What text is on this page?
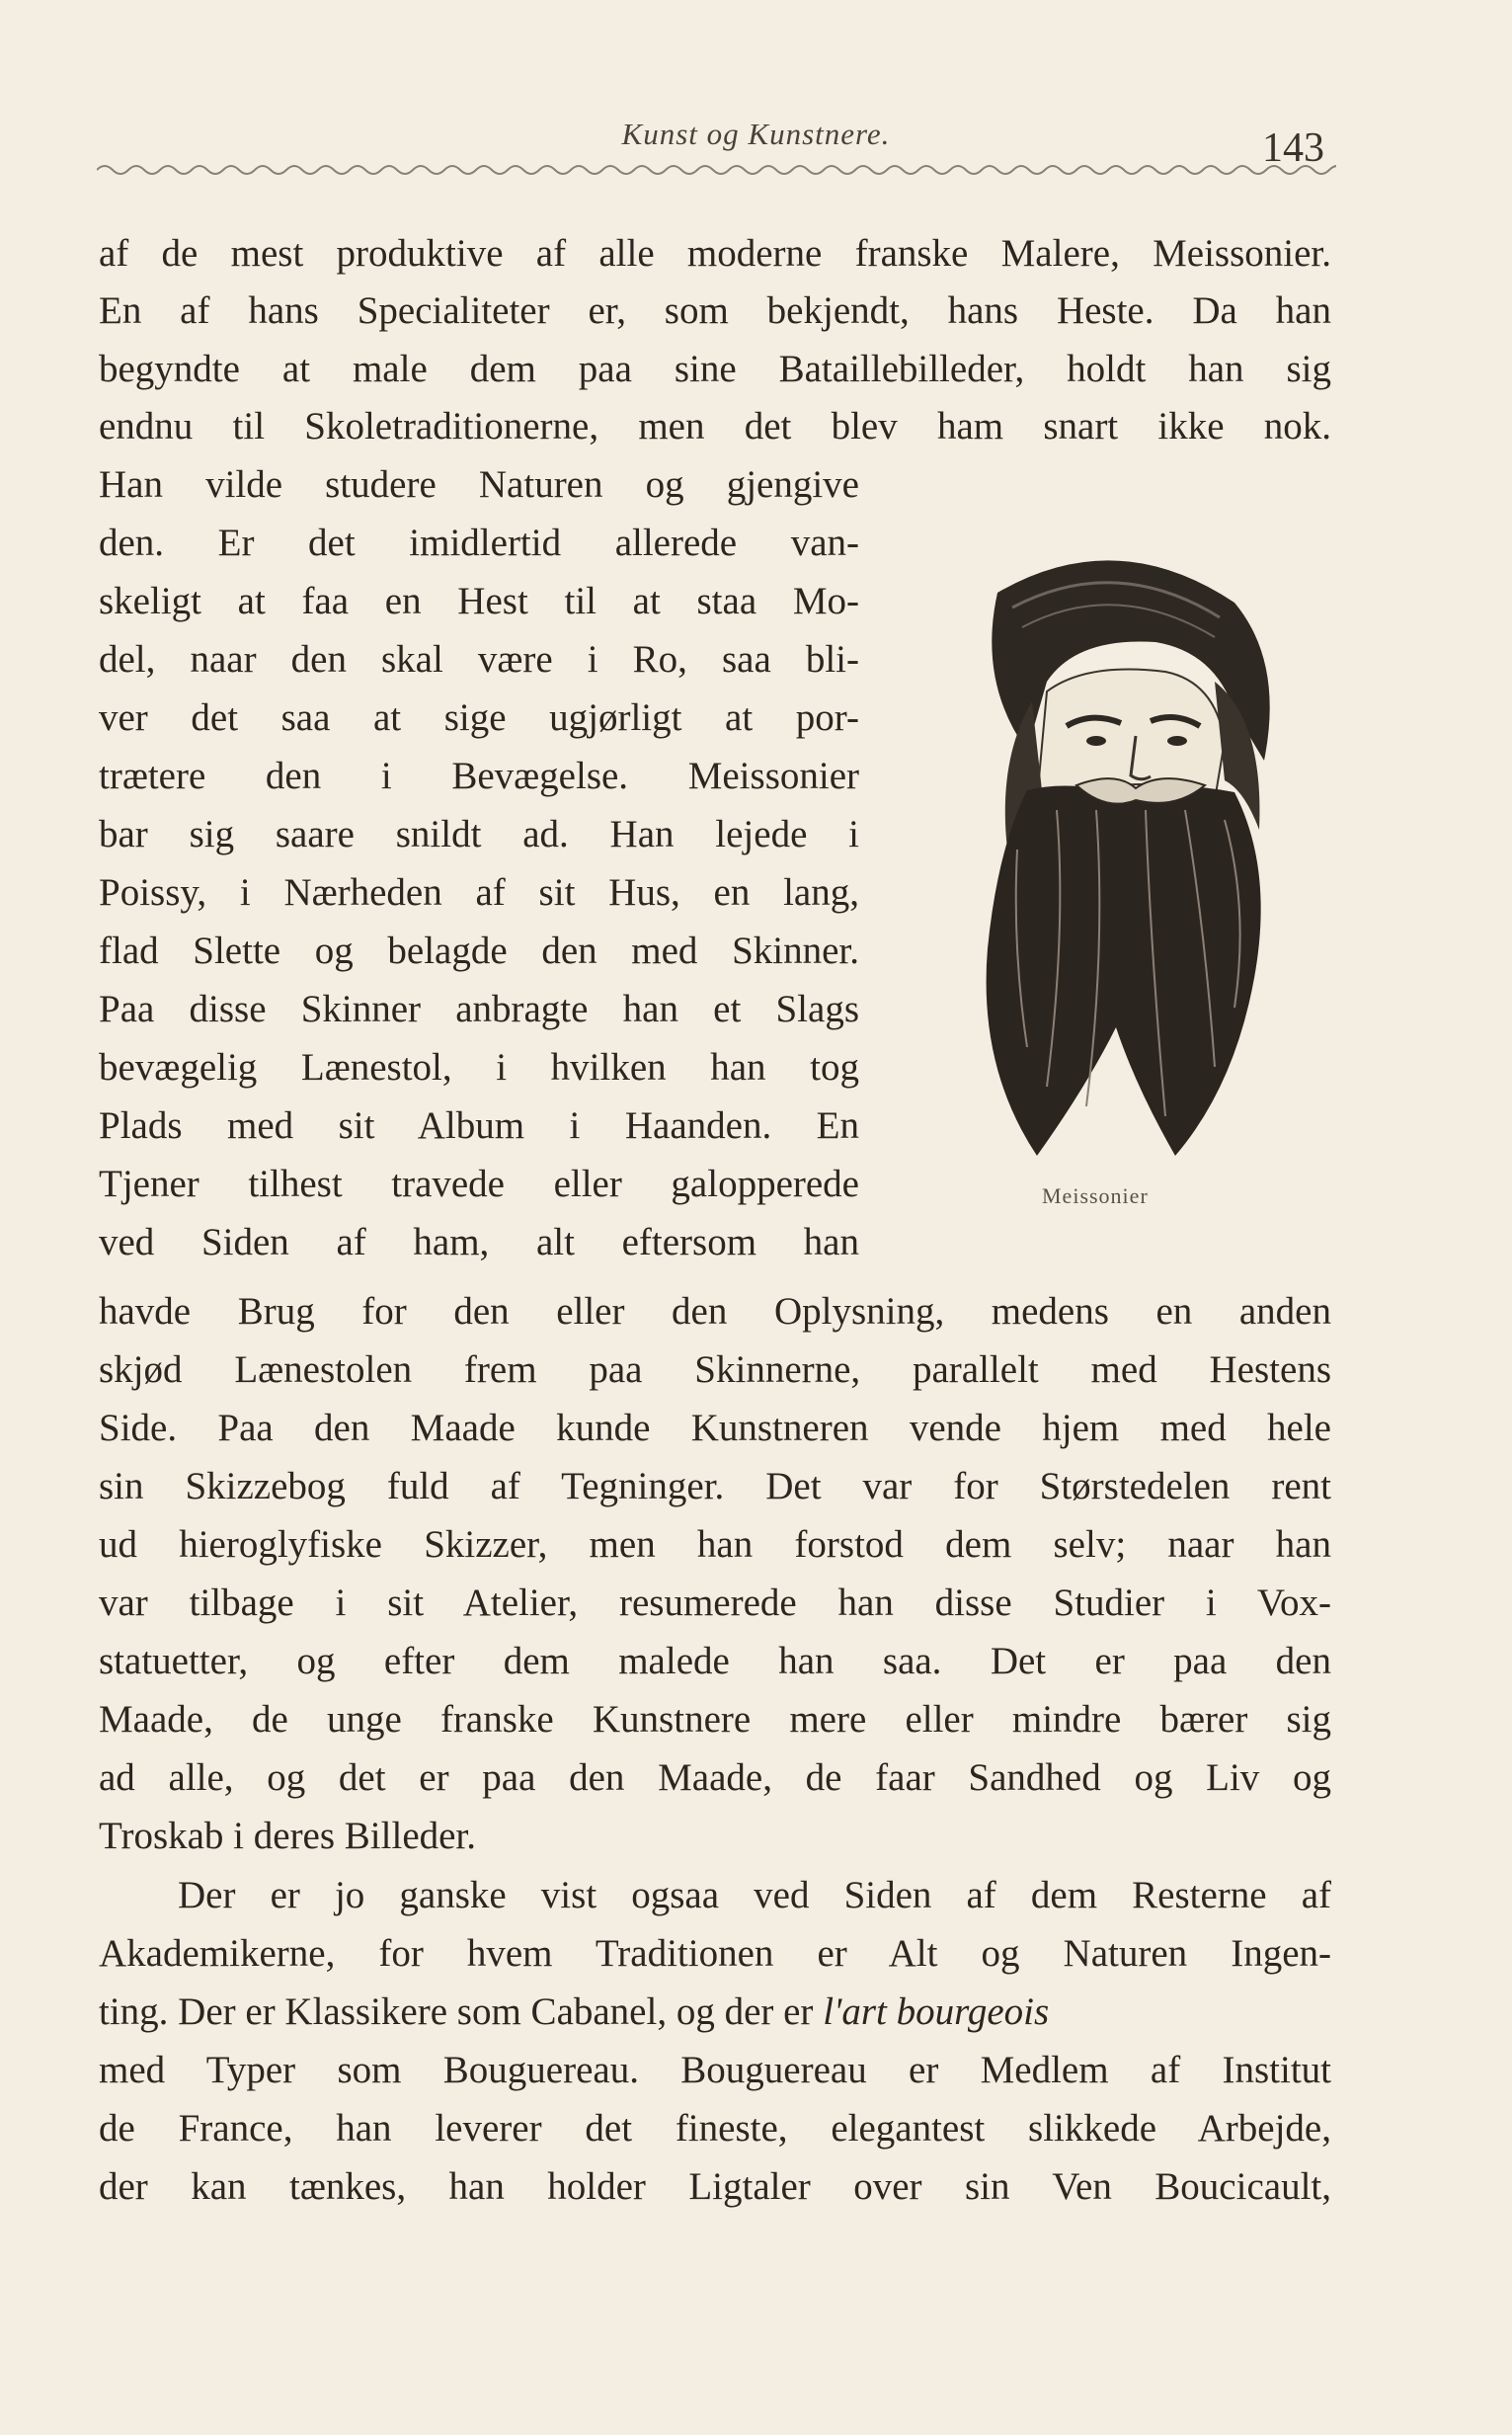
Kunst og Kunstnere.	143
af de mest produktive af alle moderne franske Malere, Meissonier.
En af hans Specialiteter er, som bekjendt, hans Heste. Da han
begyndte at male dem paa sine Bataillebilleder, holdt han sig
endnu til Skoletraditionerne, men det blev ham snart ikke nok.
Han vilde studere Naturen og gjengive
den. Er det imidlertid allerede van-
skeligt at faa en Hest til at staa Mo-
del, naar den skal være i Ro, saa bli-
ver det saa at sige ugjørligt at por-
trætere den i Bevægelse. Meissonier
bar sig saare snildt ad. Han lejede i
Poissy, i Nærheden af sit Hus, en lang,
flad Slette og belagde den med Skinner.
Paa disse Skinner anbragte han et Slags
bevægelig Lænestol, i hvilken han tog
Plads med sit Album i Haanden. En
Tjener tilhest travede eller galopperede
ved Siden af ham, alt eftersom han
havde Brug for den eller den Oplysning, medens en anden
skjød Lænestolen frem paa Skinnerne, parallelt med Hestens
Side. Paa den Maade kunde Kunstneren vende hjem med hele
sin Skizzebog fuld af Tegninger. Det var for Størstedelen rent
ud hieroglyfiske Skizzer, men han forstod dem selv; naar han
var tilbage i sit Atelier, resumerede han disse Studier i Vox-
statuetter, og efter dem malede han saa. Det er paa den
Maade, de unge franske Kunstnere mere eller mindre bærer sig
ad alle, og det er paa den Maade, de faar Sandhed og Liv og
Troskab i deres Billeder.
Der er jo ganske vist ogsaa ved Siden af dem Resterne af
Akademikerne, for hvem Traditionen er Alt og Naturen Ingen-
ting. Der er Klassikere som Cabanel, og der er l'art bourgeois
med Typer som Bouguereau. Bouguereau er Medlem af Institut
de France, han leverer det fineste, elegantest slikkede Arbejde,
der kan tænkes, han holder Ligtaler over sin Ven Boucicault,
Meissonier
